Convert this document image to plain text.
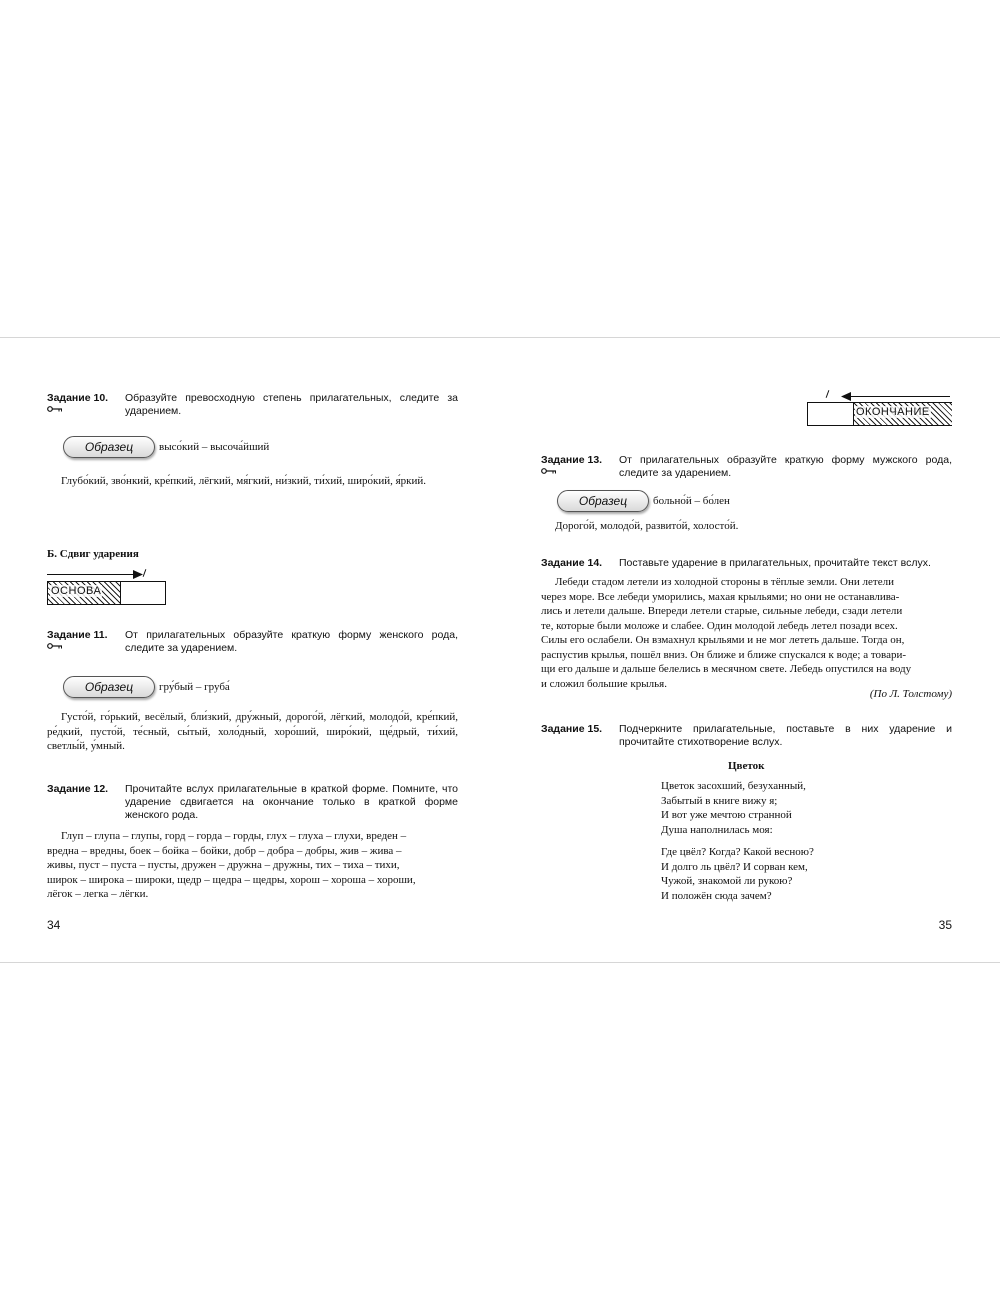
Задание 10. Образуйте превосходную степень прилагательных, следите за ударением.
Образец	высо́кий – высоча́йший
Глубо́кий, зво́нкий, кре́пкий, лёгкий, мя́гкий, ни́зкий, ти́хий, широ́кий, я́ркий.
Б. Сдвиг ударения
ОСНОВА
Задание 11. От прилагательных образуйте краткую форму женского рода, следите за ударением.
Образец	гру́бый – груба́
Густо́й, го́рький, весёлый, бли́зкий, дру́жный, дорого́й, лёгкий, молодо́й, кре́пкий, ре́дкий, пусто́й, те́сный, сы́тый, холо́дный, хоро́ший, широ́кий, ще́дрый, ти́хий, светлы́й, у́мный.
Задание 12. Прочитайте вслух прилагательные в краткой форме. Помните, что ударение сдвигается на окончание только в краткой форме женского рода.
Глуп – глупа – глупы, горд – горда – горды, глух – глуха – глухи, вреден –
вредна – вредны, боек – бойка – бойки, добр – добра – добры, жив – жива –
живы, пуст – пуста – пусты, дружен – дружна – дружны, тих – тиха – тихи,
широк – широка – широки, щедр – щедра – щедры, хорош – хороша – хороши,
лёгок – легка – лёгки.
34
ОКОНЧАНИЕ
Задание 13. От прилагательных образуйте краткую форму мужского рода, следите за ударением.
Образец	больно́й – бо́лен
Дорого́й, молодо́й, развито́й, холосто́й.
Задание 14. Поставьте ударение в прилагательных, прочитайте текст вслух.
Лебеди стадом летели из холодной стороны в тёплые земли. Они летели
через море. Все лебеди уморились, махая крыльями; но они не останавлива-
лись и летели дальше. Впереди летели старые, сильные лебеди, сзади летели
те, которые были моложе и слабее. Один молодой лебедь летел позади всех.
Силы его ослабели. Он взмахнул крыльями и не мог лететь дальше. Тогда он,
распустив крылья, пошёл вниз. Он ближе и ближе спускался к воде; а товари-
щи его дальше и дальше белелись в месячном свете. Лебедь опустился на воду
и сложил большие крылья.
(По Л. Толстому)
Задание 15. Подчеркните прилагательные, поставьте в них ударение и прочитайте стихотворение вслух.
Цветок
Цветок засохший, безуханный,
Забытый в книге вижу я;
И вот уже мечтою странной
Душа наполнилась моя:
Где цвёл? Когда? Какой весною?
И долго ль цвёл? И сорван кем,
Чужой, знакомой ли рукою?
И положён сюда зачем?
35
